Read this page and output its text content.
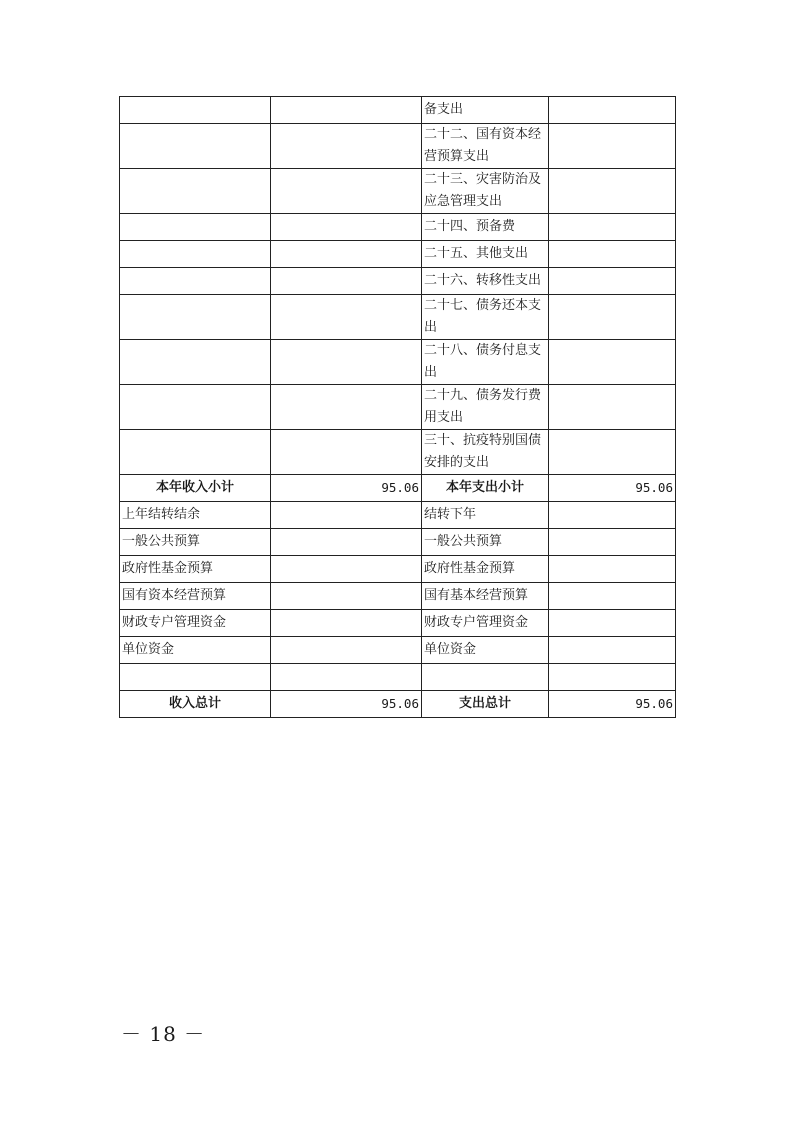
		备支出	
		二十二、国有资本经营预算支出	
		二十三、灾害防治及应急管理支出	
		二十四、预备费	
		二十五、其他支出	
		二十六、转移性支出	
		二十七、债务还本支出	
		二十八、债务付息支出	
		二十九、债务发行费用支出	
		三十、抗疫特别国债安排的支出	
本年收入小计	95.06	本年支出小计	95.06
上年结转结余		结转下年	
一般公共预算		一般公共预算	
政府性基金预算		政府性基金预算	
国有资本经营预算		国有基本经营预算	
财政专户管理资金		财政专户管理资金	
单位资金		单位资金	

收入总计	95.06	支出总计	95.06
－ 18 －
